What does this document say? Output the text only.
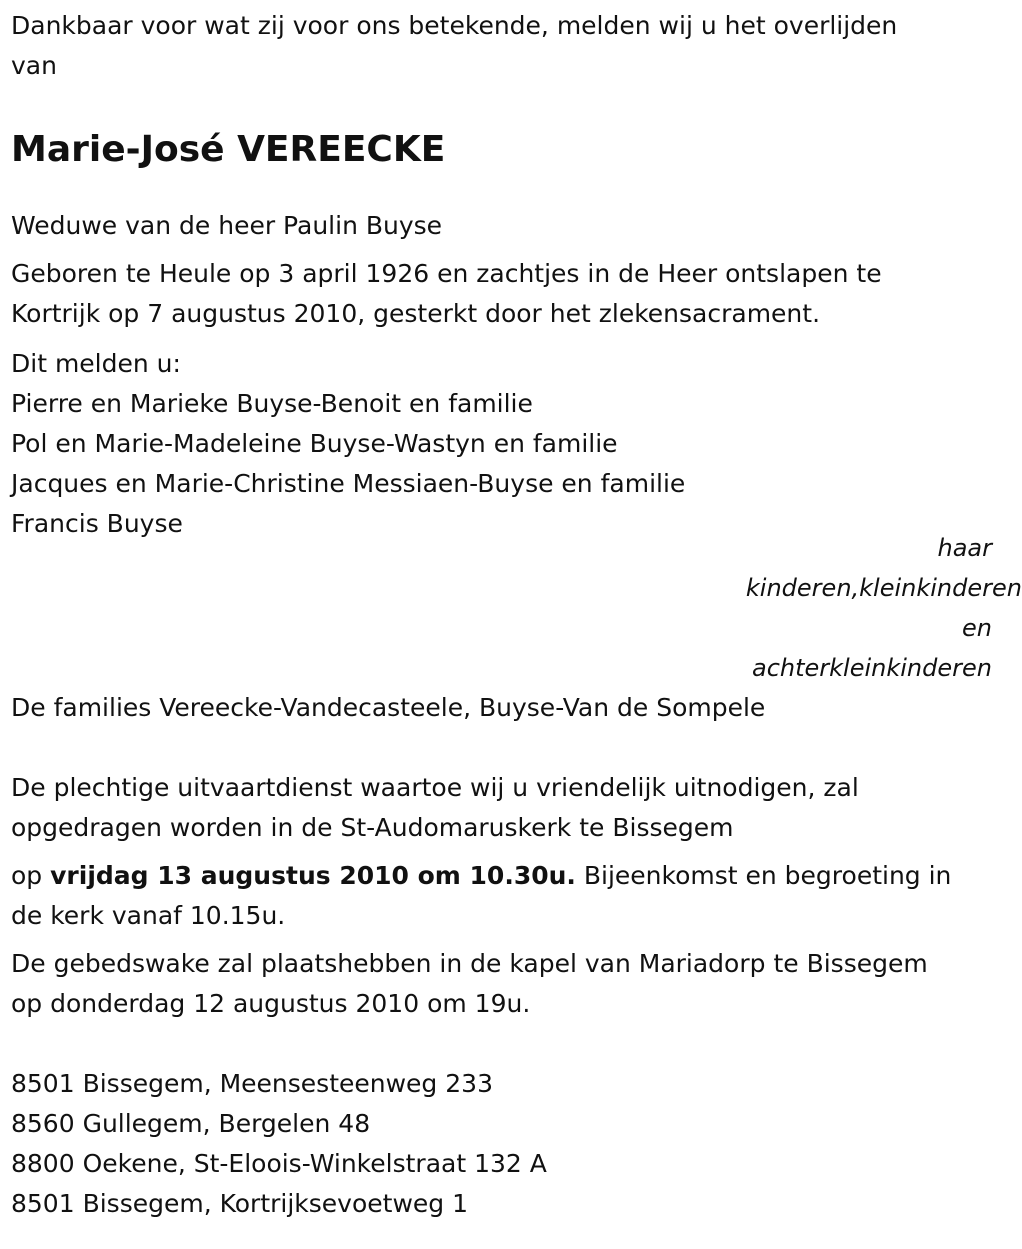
Dankbaar voor wat zij voor ons betekende, melden wij u het overlijden
van
Marie-José VEREECKE
Weduwe van de heer Paulin Buyse
Geboren te Heule op 3 april 1926 en zachtjes in de Heer ontslapen te
Kortrijk op 7 augustus 2010, gesterkt door het zlekensacrament.
Dit melden u:
Pierre en Marieke Buyse-Benoit en familie
Pol en Marie-Madeleine Buyse-Wastyn en familie
Jacques en Marie-Christine Messiaen-Buyse en familie
Francis Buyse
haar
kinderen,kleinkinderen
en
achterkleinkinderen
De families Vereecke-Vandecasteele, Buyse-Van de Sompele
De plechtige uitvaartdienst waartoe wij u vriendelijk uitnodigen, zal
opgedragen worden in de St-Audomaruskerk te Bissegem
op vrijdag 13 augustus 2010 om 10.30u. Bijeenkomst en begroeting in
de kerk vanaf 10.15u.
De gebedswake zal plaatshebben in de kapel van Mariadorp te Bissegem
op donderdag 12 augustus 2010 om 19u.
8501 Bissegem, Meensesteenweg 233
8560 Gullegem, Bergelen 48
8800 Oekene, St-Eloois-Winkelstraat 132 A
8501 Bissegem, Kortrijksevoetweg 1
